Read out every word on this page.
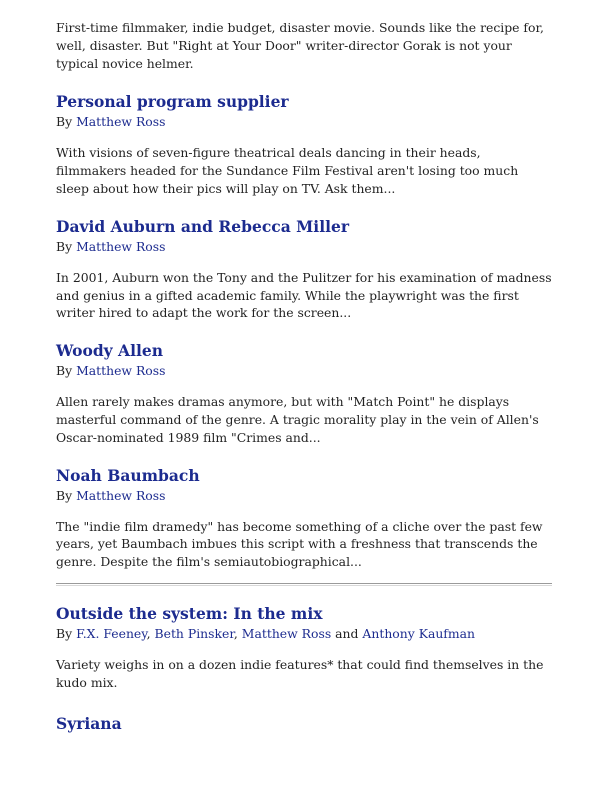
First-time filmmaker, indie budget, disaster movie. Sounds like the recipe for, well, disaster. But "Right at Your Door" writer-director Gorak is not your typical novice helmer.

Personal program supplier
By Matthew Ross

With visions of seven-figure theatrical deals dancing in their heads, filmmakers headed for the Sundance Film Festival aren't losing too much sleep about how their pics will play on TV. Ask them...

David Auburn and Rebecca Miller
By Matthew Ross

In 2001, Auburn won the Tony and the Pulitzer for his examination of madness and genius in a gifted academic family. While the playwright was the first writer hired to adapt the work for the screen...

Woody Allen
By Matthew Ross

Allen rarely makes dramas anymore, but with "Match Point" he displays masterful command of the genre. A tragic morality play in the vein of Allen's Oscar-nominated 1989 film "Crimes and...

Noah Baumbach
By Matthew Ross

The "indie film dramedy" has become something of a cliche over the past few years, yet Baumbach imbues this script with a freshness that transcends the genre. Despite the film's semiautobiographical...

Outside the system: In the mix
By F.X. Feeney, Beth Pinsker, Matthew Ross and Anthony Kaufman

Variety weighs in on a dozen indie features* that could find themselves in the kudo mix.

Syriana
